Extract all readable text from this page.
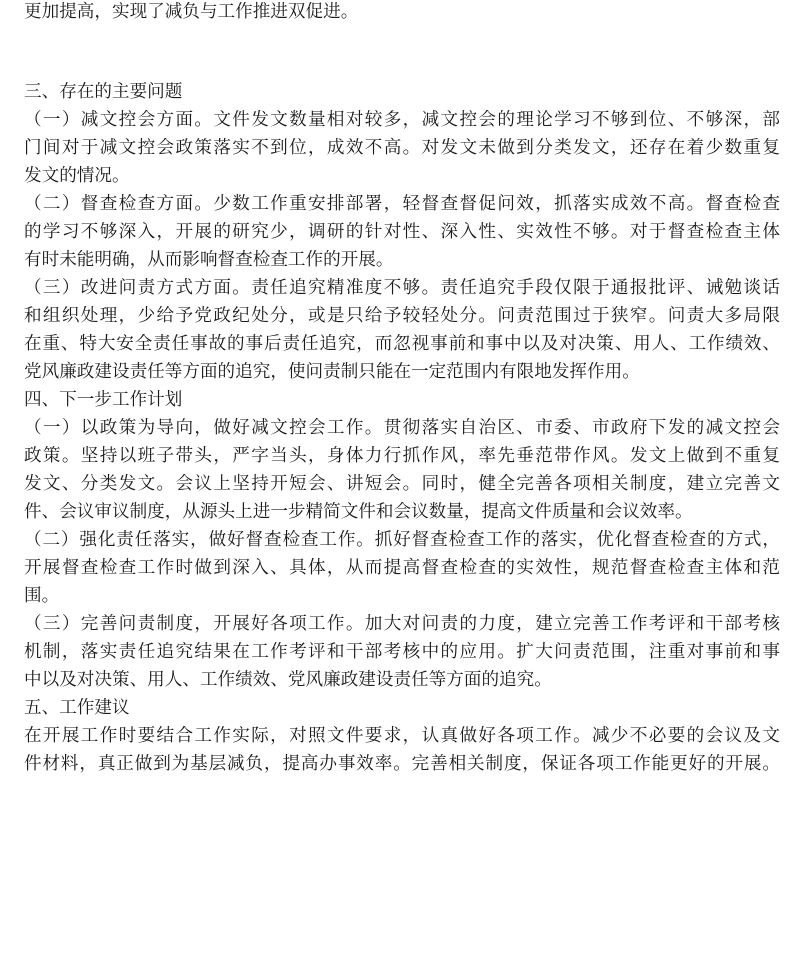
更加提高，实现了减负与工作推进双促进。
三、存在的主要问题
（一）减文控会方面。文件发文数量相对较多，减文控会的理论学习不够到位、不够深，部
门间对于减文控会政策落实不到位，成效不高。对发文未做到分类发文，还存在着少数重复
发文的情况。
（二）督查检查方面。少数工作重安排部署，轻督查督促问效，抓落实成效不高。督查检查
的学习不够深入，开展的研究少，调研的针对性、深入性、实效性不够。对于督查检查主体
有时未能明确，从而影响督查检查工作的开展。
（三）改进问责方式方面。责任追究精准度不够。责任追究手段仅限于通报批评、诫勉谈话
和组织处理，少给予党政纪处分，或是只给予较轻处分。问责范围过于狭窄。问责大多局限
在重、特大安全责任事故的事后责任追究，而忽视事前和事中以及对决策、用人、工作绩效、
党风廉政建设责任等方面的追究，使问责制只能在一定范围内有限地发挥作用。
四、下一步工作计划
（一）以政策为导向，做好减文控会工作。贯彻落实自治区、市委、市政府下发的减文控会
政策。坚持以班子带头，严字当头，身体力行抓作风，率先垂范带作风。发文上做到不重复
发文、分类发文。会议上坚持开短会、讲短会。同时，健全完善各项相关制度，建立完善文
件、会议审议制度，从源头上进一步精简文件和会议数量，提高文件质量和会议效率。
（二）强化责任落实，做好督查检查工作。抓好督查检查工作的落实，优化督查检查的方式，
开展督查检查工作时做到深入、具体，从而提高督查检查的实效性，规范督查检查主体和范
围。
（三）完善问责制度，开展好各项工作。加大对问责的力度，建立完善工作考评和干部考核
机制，落实责任追究结果在工作考评和干部考核中的应用。扩大问责范围，注重对事前和事
中以及对决策、用人、工作绩效、党风廉政建设责任等方面的追究。
五、工作建议
在开展工作时要结合工作实际，对照文件要求，认真做好各项工作。减少不必要的会议及文
件材料，真正做到为基层减负，提高办事效率。完善相关制度，保证各项工作能更好的开展。
